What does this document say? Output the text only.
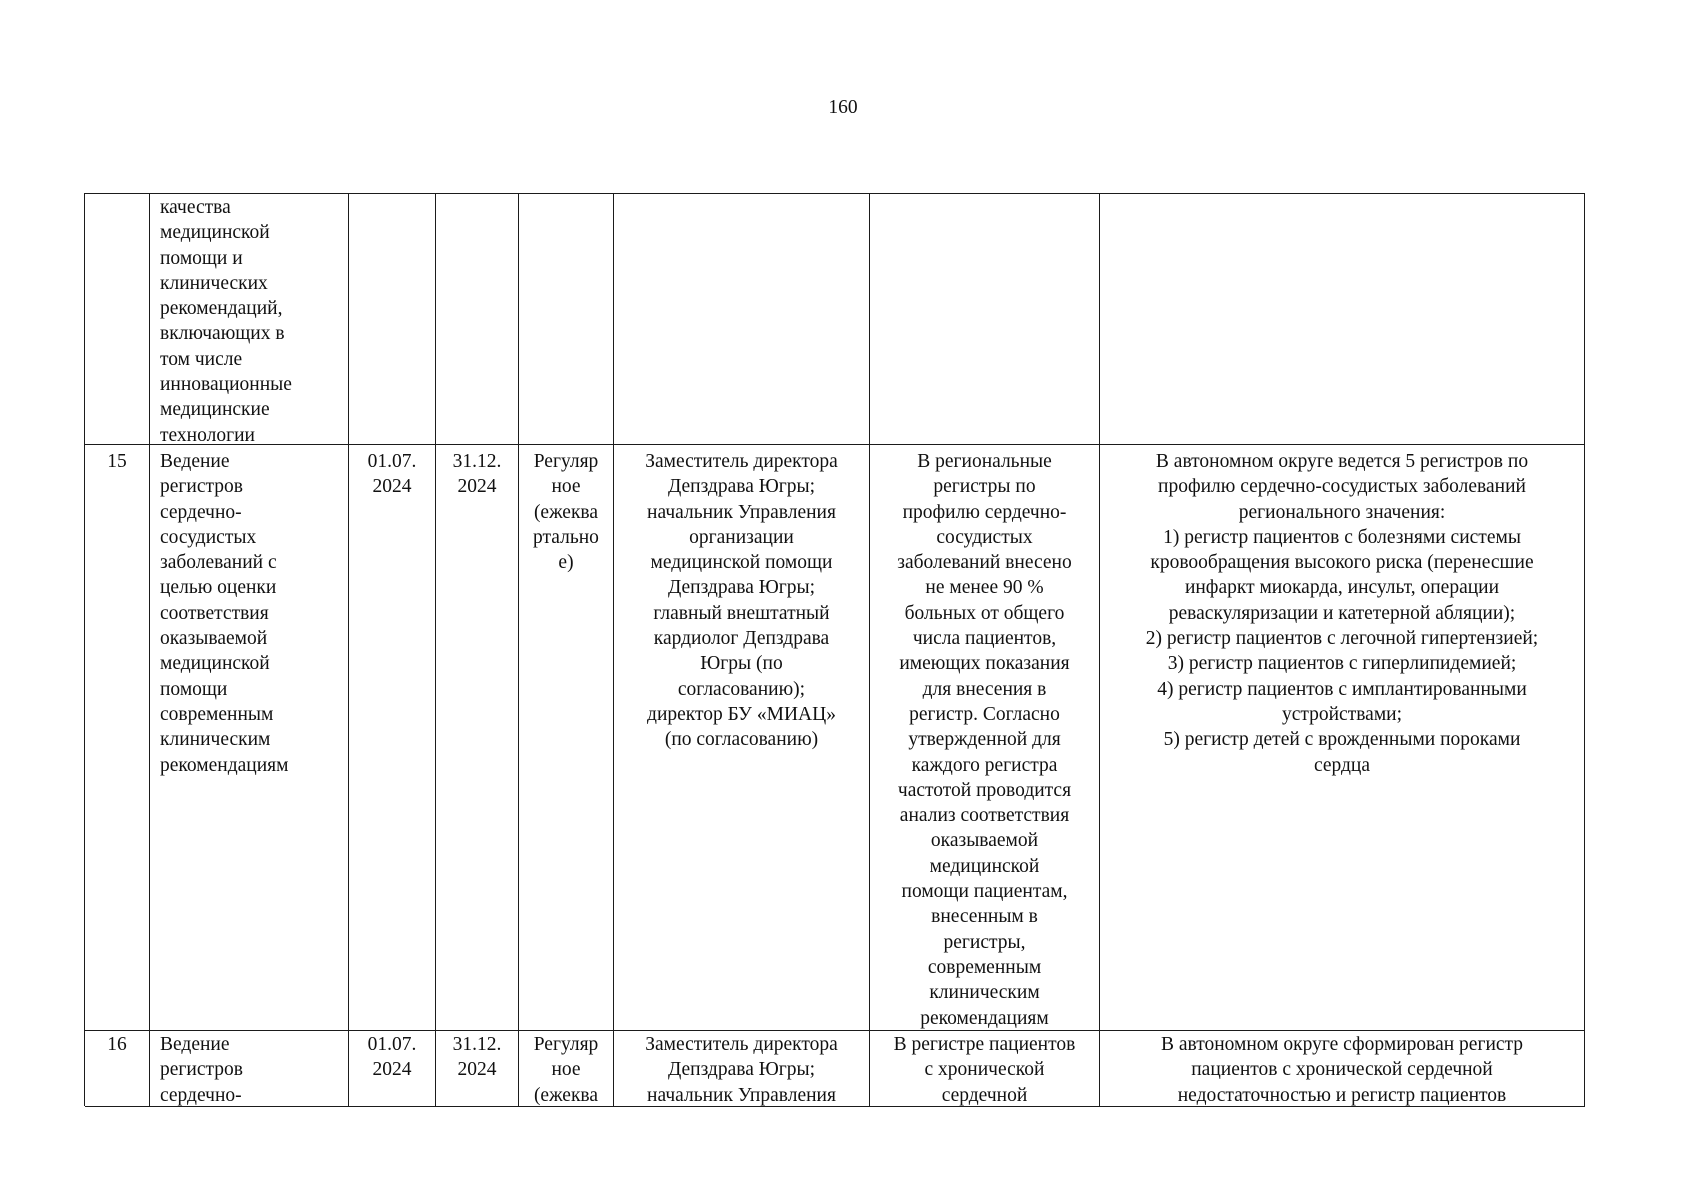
160
качества
медицинской
помощи и
клинических
рекомендаций,
включающих в
том числе
инновационные
медицинские
технологии
15	Ведение
регистров
сердечно-
сосудистых
заболеваний с
целью оценки
соответствия
оказываемой
медицинской
помощи
современным
клиническим
рекомендациям
01.07.
2024
31.12.
2024
Регуляр
ное
(ежеква
ртально
е)
Заместитель директора
Депздрава Югры;
начальник Управления
организации
медицинской помощи
Депздрава Югры;
главный внештатный
кардиолог Депздрава
Югры (по
согласованию);
директор БУ «МИАЦ»
(по согласованию)
В региональные
регистры по
профилю сердечно-
сосудистых
заболеваний внесено
не менее 90 %
больных от общего
числа пациентов,
имеющих показания
для внесения в
регистр. Согласно
утвержденной для
каждого регистра
частотой проводится
анализ соответствия
оказываемой
медицинской
помощи пациентам,
внесенным в
регистры,
современным
клиническим
рекомендациям
В автономном округе ведется 5 регистров по
профилю сердечно-сосудистых заболеваний
регионального значения:
1) регистр пациентов с болезнями системы
кровообращения высокого риска (перенесшие
инфаркт миокарда, инсульт, операции
реваскуляризации и катетерной абляции);
2) регистр пациентов с легочной гипертензией;
3) регистр пациентов с гиперлипидемией;
4) регистр пациентов с имплантированными
устройствами;
5) регистр детей с врожденными пороками
сердца
16	Ведение
регистров
сердечно-
01.07.
2024
31.12.
2024
Регуляр
ное
(ежеква
Заместитель директора
Депздрава Югры;
начальник Управления
В регистре пациентов
с хронической
сердечной
В автономном округе сформирован регистр
пациентов с хронической сердечной
недостаточностью и регистр пациентов
